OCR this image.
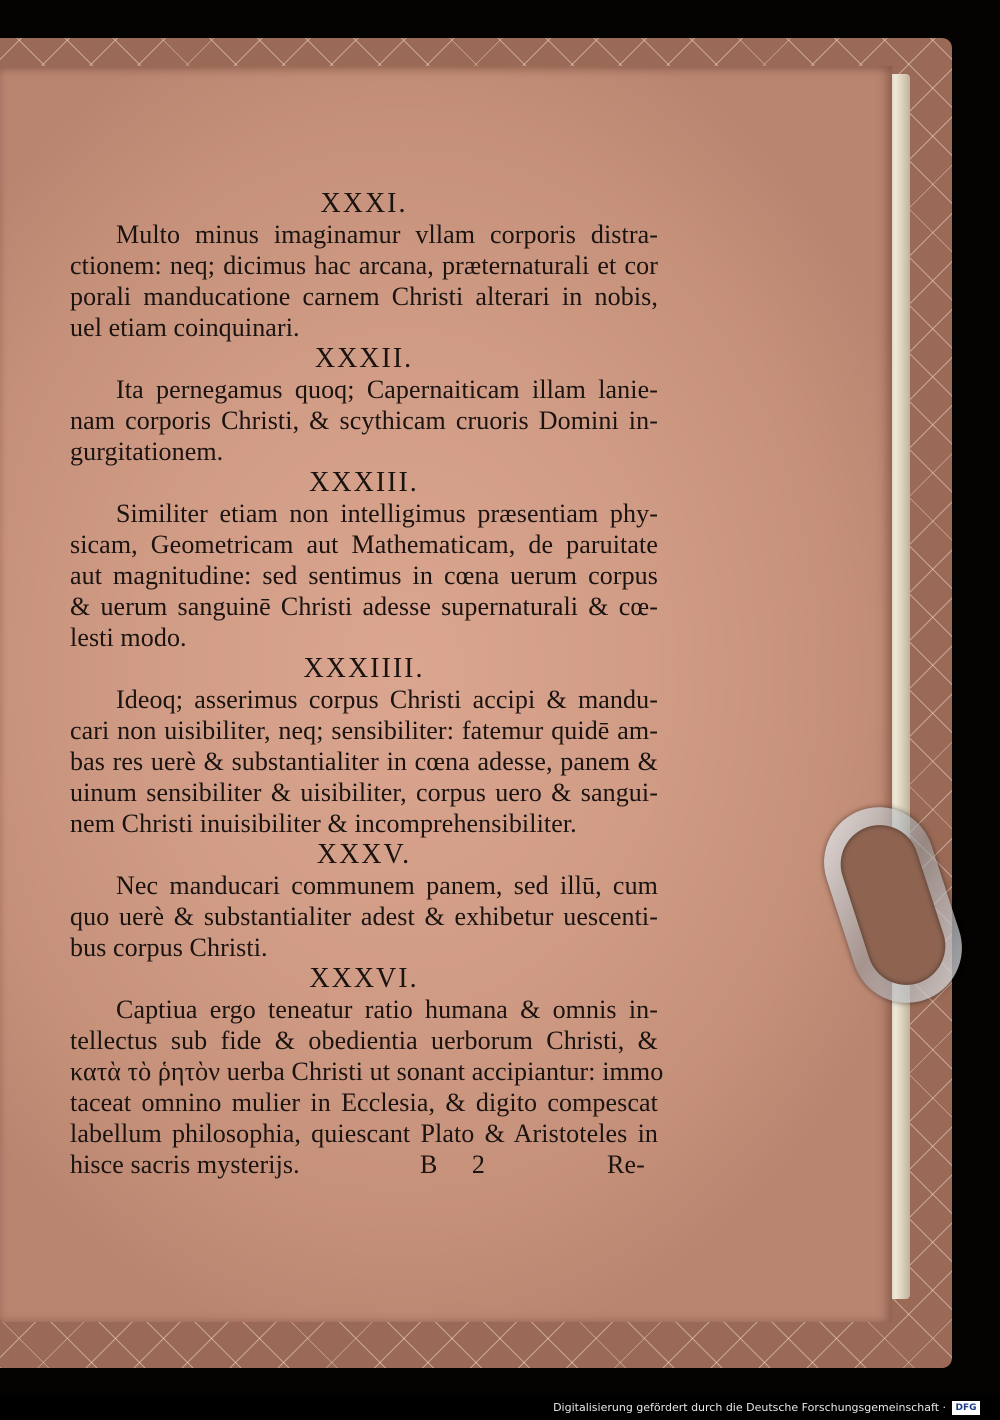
XXXI.
Multo minus imaginamur vllam corporis distra-
ctionem: neq; dicimus hac arcana, præternaturali et cor
porali manducatione carnem Christi alterari in nobis,
uel etiam coinquinari.
XXXII.
Ita pernegamus quoq; Capernaiticam illam lanie-
nam corporis Christi, & scythicam cruoris Domini in-
gurgitationem.
XXXIII.
Similiter etiam non intelligimus præsentiam phy-
sicam, Geometricam aut Mathematicam, de paruitate
aut magnitudine: sed sentimus in cœna uerum corpus
& uerum sanguinē Christi adesse supernaturali & cœ-
lesti modo.
XXXIIII.
Ideoq; asserimus corpus Christi accipi & mandu-
cari non uisibiliter, neq; sensibiliter: fatemur quidē am-
bas res uerè & substantialiter in cœna adesse, panem &
uinum sensibiliter & uisibiliter, corpus uero & sangui-
nem Christi inuisibiliter & incomprehensibiliter.
XXXV.
Nec manducari communem panem, sed illū, cum
quo uerè & substantialiter adest & exhibetur uescenti-
bus corpus Christi.
XXXVI.
Captiua ergo teneatur ratio humana & omnis in-
tellectus sub fide & obedientia uerborum Christi, &
κατὰ τὸ ῥητὸν uerba Christi ut sonant accipiantur: immo
taceat omnino mulier in Ecclesia, & digito compescat
labellum philosophia, quiescant Plato & Aristoteles in
hisce sacris mysterijs.	B 2	Re-
Digitalisierung gefördert durch die Deutsche Forschungsgemeinschaft ·	DFG
